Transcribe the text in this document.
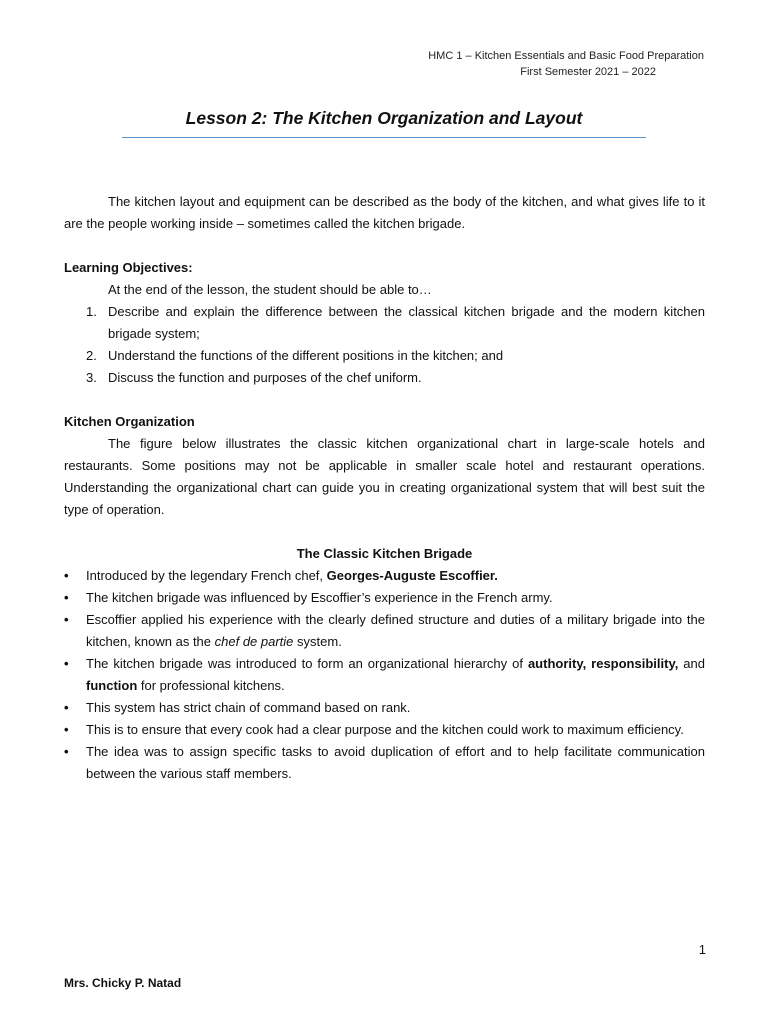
HMC 1 – Kitchen Essentials and Basic Food Preparation
First Semester 2021 – 2022
Lesson 2: The Kitchen Organization and Layout

The kitchen layout and equipment can be described as the body of the kitchen, and what gives life to it are the people working inside – sometimes called the kitchen brigade.

Learning Objectives:

At the end of the lesson, the student should be able to…

1. Describe and explain the difference between the classical kitchen brigade and the modern kitchen brigade system;
2. Understand the functions of the different positions in the kitchen; and
3. Discuss the function and purposes of the chef uniform.

Kitchen Organization

The figure below illustrates the classic kitchen organizational chart in large-scale hotels and restaurants. Some positions may not be applicable in smaller scale hotel and restaurant operations. Understanding the organizational chart can guide you in creating organizational system that will best suit the type of operation.

The Classic Kitchen Brigade

• Introduced by the legendary French chef, Georges-Auguste Escoffier.
• The kitchen brigade was influenced by Escoffier’s experience in the French army.
• Escoffier applied his experience with the clearly defined structure and duties of a military brigade into the kitchen, known as the chef de partie system.
• The kitchen brigade was introduced to form an organizational hierarchy of authority, responsibility, and function for professional kitchens.
• This system has strict chain of command based on rank.
• This is to ensure that every cook had a clear purpose and the kitchen could work to maximum efficiency.
• The idea was to assign specific tasks to avoid duplication of effort and to help facilitate communication between the various staff members.
1
Mrs. Chicky P. Natad
